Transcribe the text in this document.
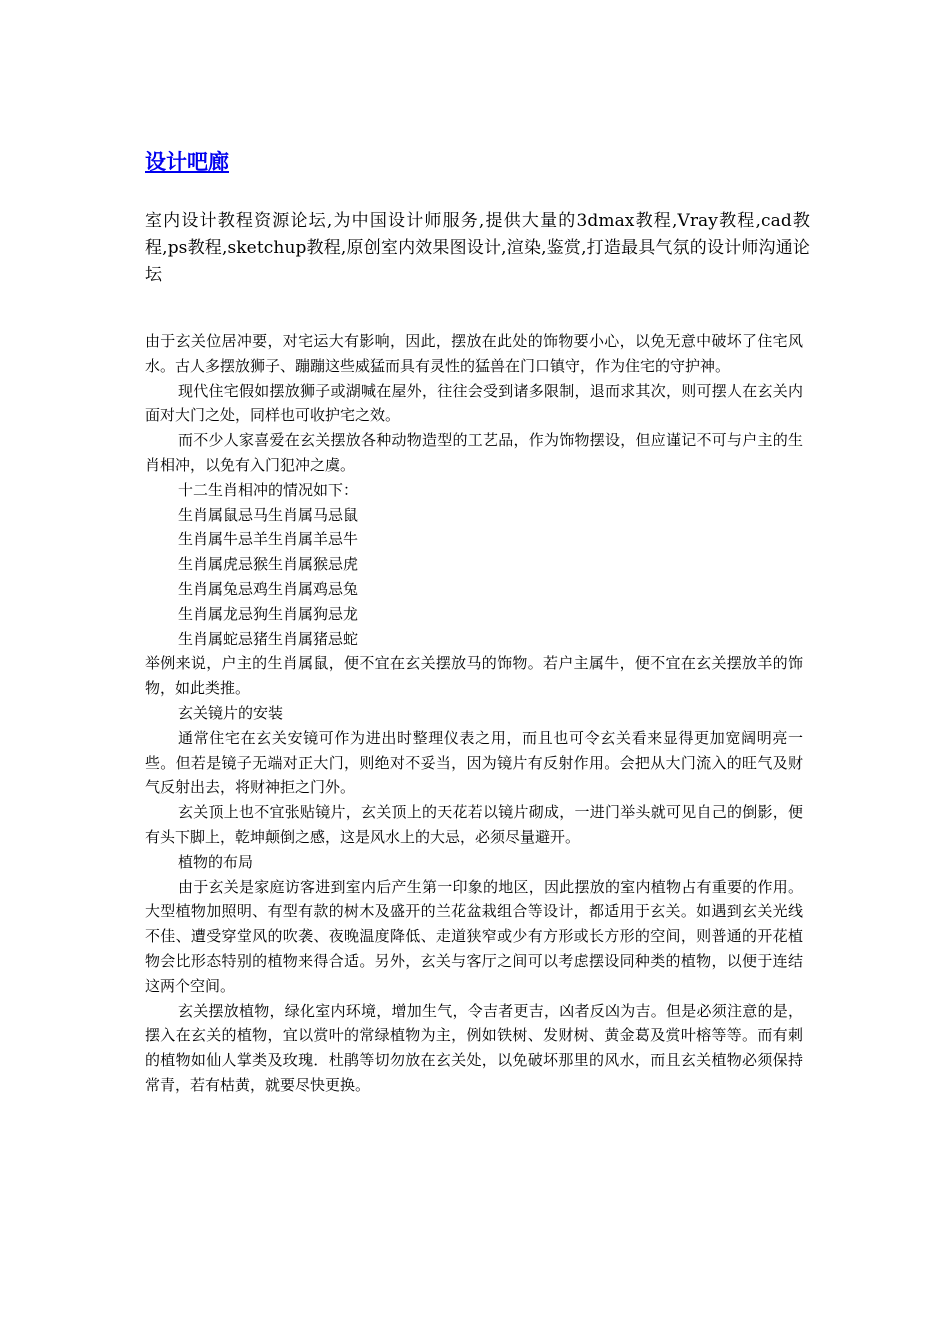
设计吧廊
室内设计教程资源论坛,为中国设计师服务,提供大量的3dmax教程,Vray教程,cad教程,ps教程,sketchup教程,原创室内效果图设计,渲染,鉴赏,打造最具气氛的设计师沟通论坛

由于玄关位居冲要，对宅运大有影响，因此，摆放在此处的饰物要小心，以免无意中破坏了住宅风水。古人多摆放狮子、蹦蹦这些威猛而具有灵性的猛兽在门口镇守，作为住宅的守护神。

现代住宅假如摆放狮子或湖喊在屋外，往往会受到诸多限制，退而求其次，则可摆人在玄关内面对大门之处，同样也可收护宅之效。

而不少人家喜爱在玄关摆放各种动物造型的工艺品，作为饰物摆设，但应谨记不可与户主的生肖相冲，以免有入门犯冲之虞。

十二生肖相冲的情况如下：

生肖属鼠忌马生肖属马忌鼠

生肖属牛忌羊生肖属羊忌牛

生肖属虎忌猴生肖属猴忌虎

生肖属兔忌鸡生肖属鸡忌兔

生肖属龙忌狗生肖属狗忌龙

生肖属蛇忌猪生肖属猪忌蛇

举例来说，户主的生肖属鼠，便不宜在玄关摆放马的饰物。若户主属牛，便不宜在玄关摆放羊的饰物，如此类推。

玄关镜片的安装

通常住宅在玄关安镜可作为进出时整理仪表之用，而且也可令玄关看来显得更加宽阔明亮一些。但若是镜子无端对正大门，则绝对不妥当，因为镜片有反射作用。会把从大门流入的旺气及财气反射出去，将财神拒之门外。

玄关顶上也不宜张贴镜片，玄关顶上的天花若以镜片砌成，一进门举头就可见自己的倒影，便有头下脚上，乾坤颠倒之感，这是风水上的大忌，必须尽量避开。

植物的布局

由于玄关是家庭访客进到室内后产生第一印象的地区，因此摆放的室内植物占有重要的作用。大型植物加照明、有型有款的树木及盛开的兰花盆栽组合等设计，都适用于玄关。如遇到玄关光线不佳、遭受穿堂风的吹袭、夜晚温度降低、走道狭窄或少有方形或长方形的空间，则普通的开花植物会比形态特别的植物来得合适。另外，玄关与客厅之间可以考虑摆设同种类的植物，以便于连结这两个空间。

玄关摆放植物，绿化室内环境，增加生气，令吉者更吉，凶者反凶为吉。但是必须注意的是，摆入在玄关的植物，宜以赏叶的常绿植物为主，例如铁树、发财树、黄金葛及赏叶榕等等。而有刺的植物如仙人掌类及玫瑰．杜鹃等切勿放在玄关处，以免破坏那里的风水，而且玄关植物必须保持常青，若有枯黄，就要尽快更换。
